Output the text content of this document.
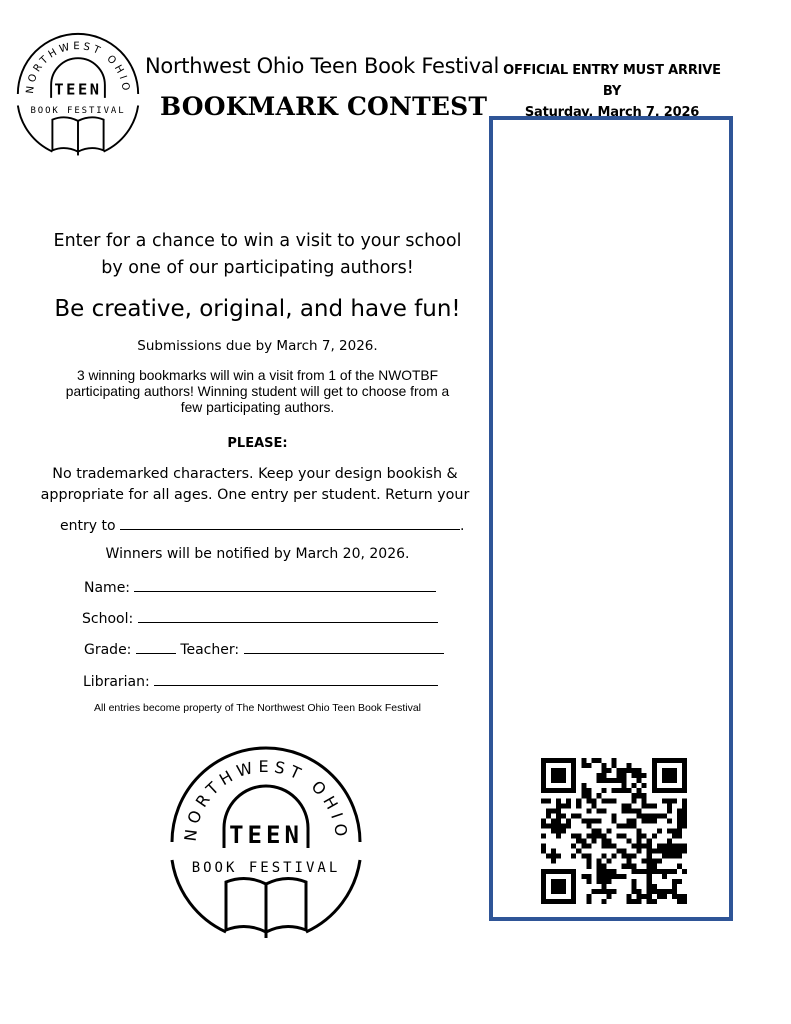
NORTHWEST OHIO
TEEN
BOOK FESTIVAL
Northwest Ohio Teen Book Festival
BOOKMARK CONTEST
OFFICIAL ENTRY MUST ARRIVE BY
Saturday, March 7, 2026
Enter for a chance to win a visit to your school
by one of our participating authors!
Be creative, original, and have fun!
Submissions due by March 7, 2026.
3 winning bookmarks will win a visit from 1 of the NWOTBF
participating authors! Winning student will get to choose from a
few participating authors.
PLEASE:
No trademarked characters. Keep your design bookish &
appropriate for all ages. One entry per student. Return your
entry to	.
Winners will be notified by March 20, 2026.
Name:
School:
Grade:	Teacher:
Librarian:
All entries become property of The Northwest Ohio Teen Book Festival
NORTHWEST OHIO
TEEN
BOOK FESTIVAL
